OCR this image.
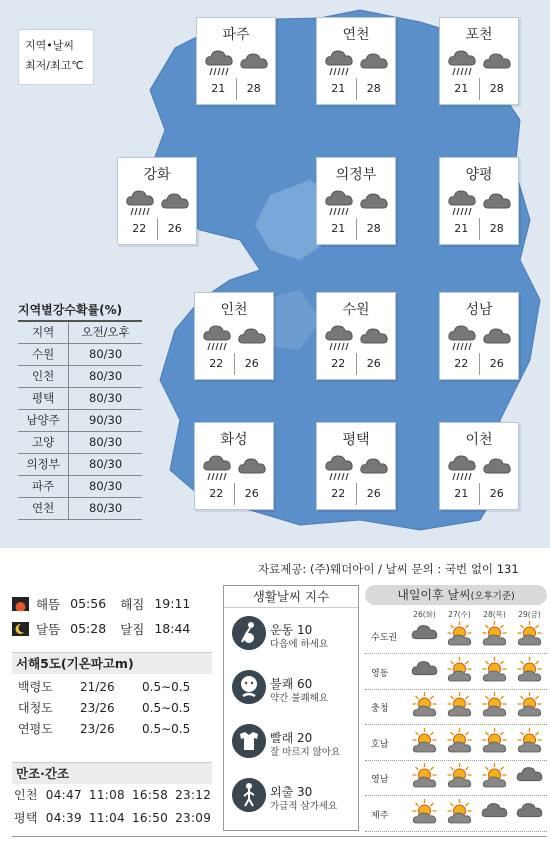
지역•날씨
최저/최고℃
파주
21	28
연천
21	28
포천
21	28
강화
22	26
의정부
21	28
양평
21	28
인천
22	26
수원
22	26
성남
22	26
화성
22	26
평택
22	26
이천
21	26
지역별강수확률(%)
지역	오전/오후
수원	80/30
인천	80/30
평택	80/30
남양주	90/30
고양	80/30
의정부	80/30
파주	80/30
연천	80/30
자료제공: (주)웨더아이 / 날씨 문의 : 국번 없이 131
해뜸 05:56 해짐 19:11
달뜸 05:28 달짐 18:44
서해5도(기온파고m)
백령도	21/26	0.5∼0.5
대청도	23/26	0.5∼0.5
연평도	23/26	0.5∼0.5
만조·간조
인천 04:47 11:08 16:58 23:12
평택 04:39 11:04 16:50 23:09
생활날씨 지수
운동 10
다음에 하세요
불쾌 60
약간 불쾌해요
빨래 20
잘 마르지 않아요
외출 30
가급적 삼가세요
내일이후 날씨(오후기준)
26(화)	27(수)	28(목)	29(금)
수도권
영동
충청
호남
영남
제주
